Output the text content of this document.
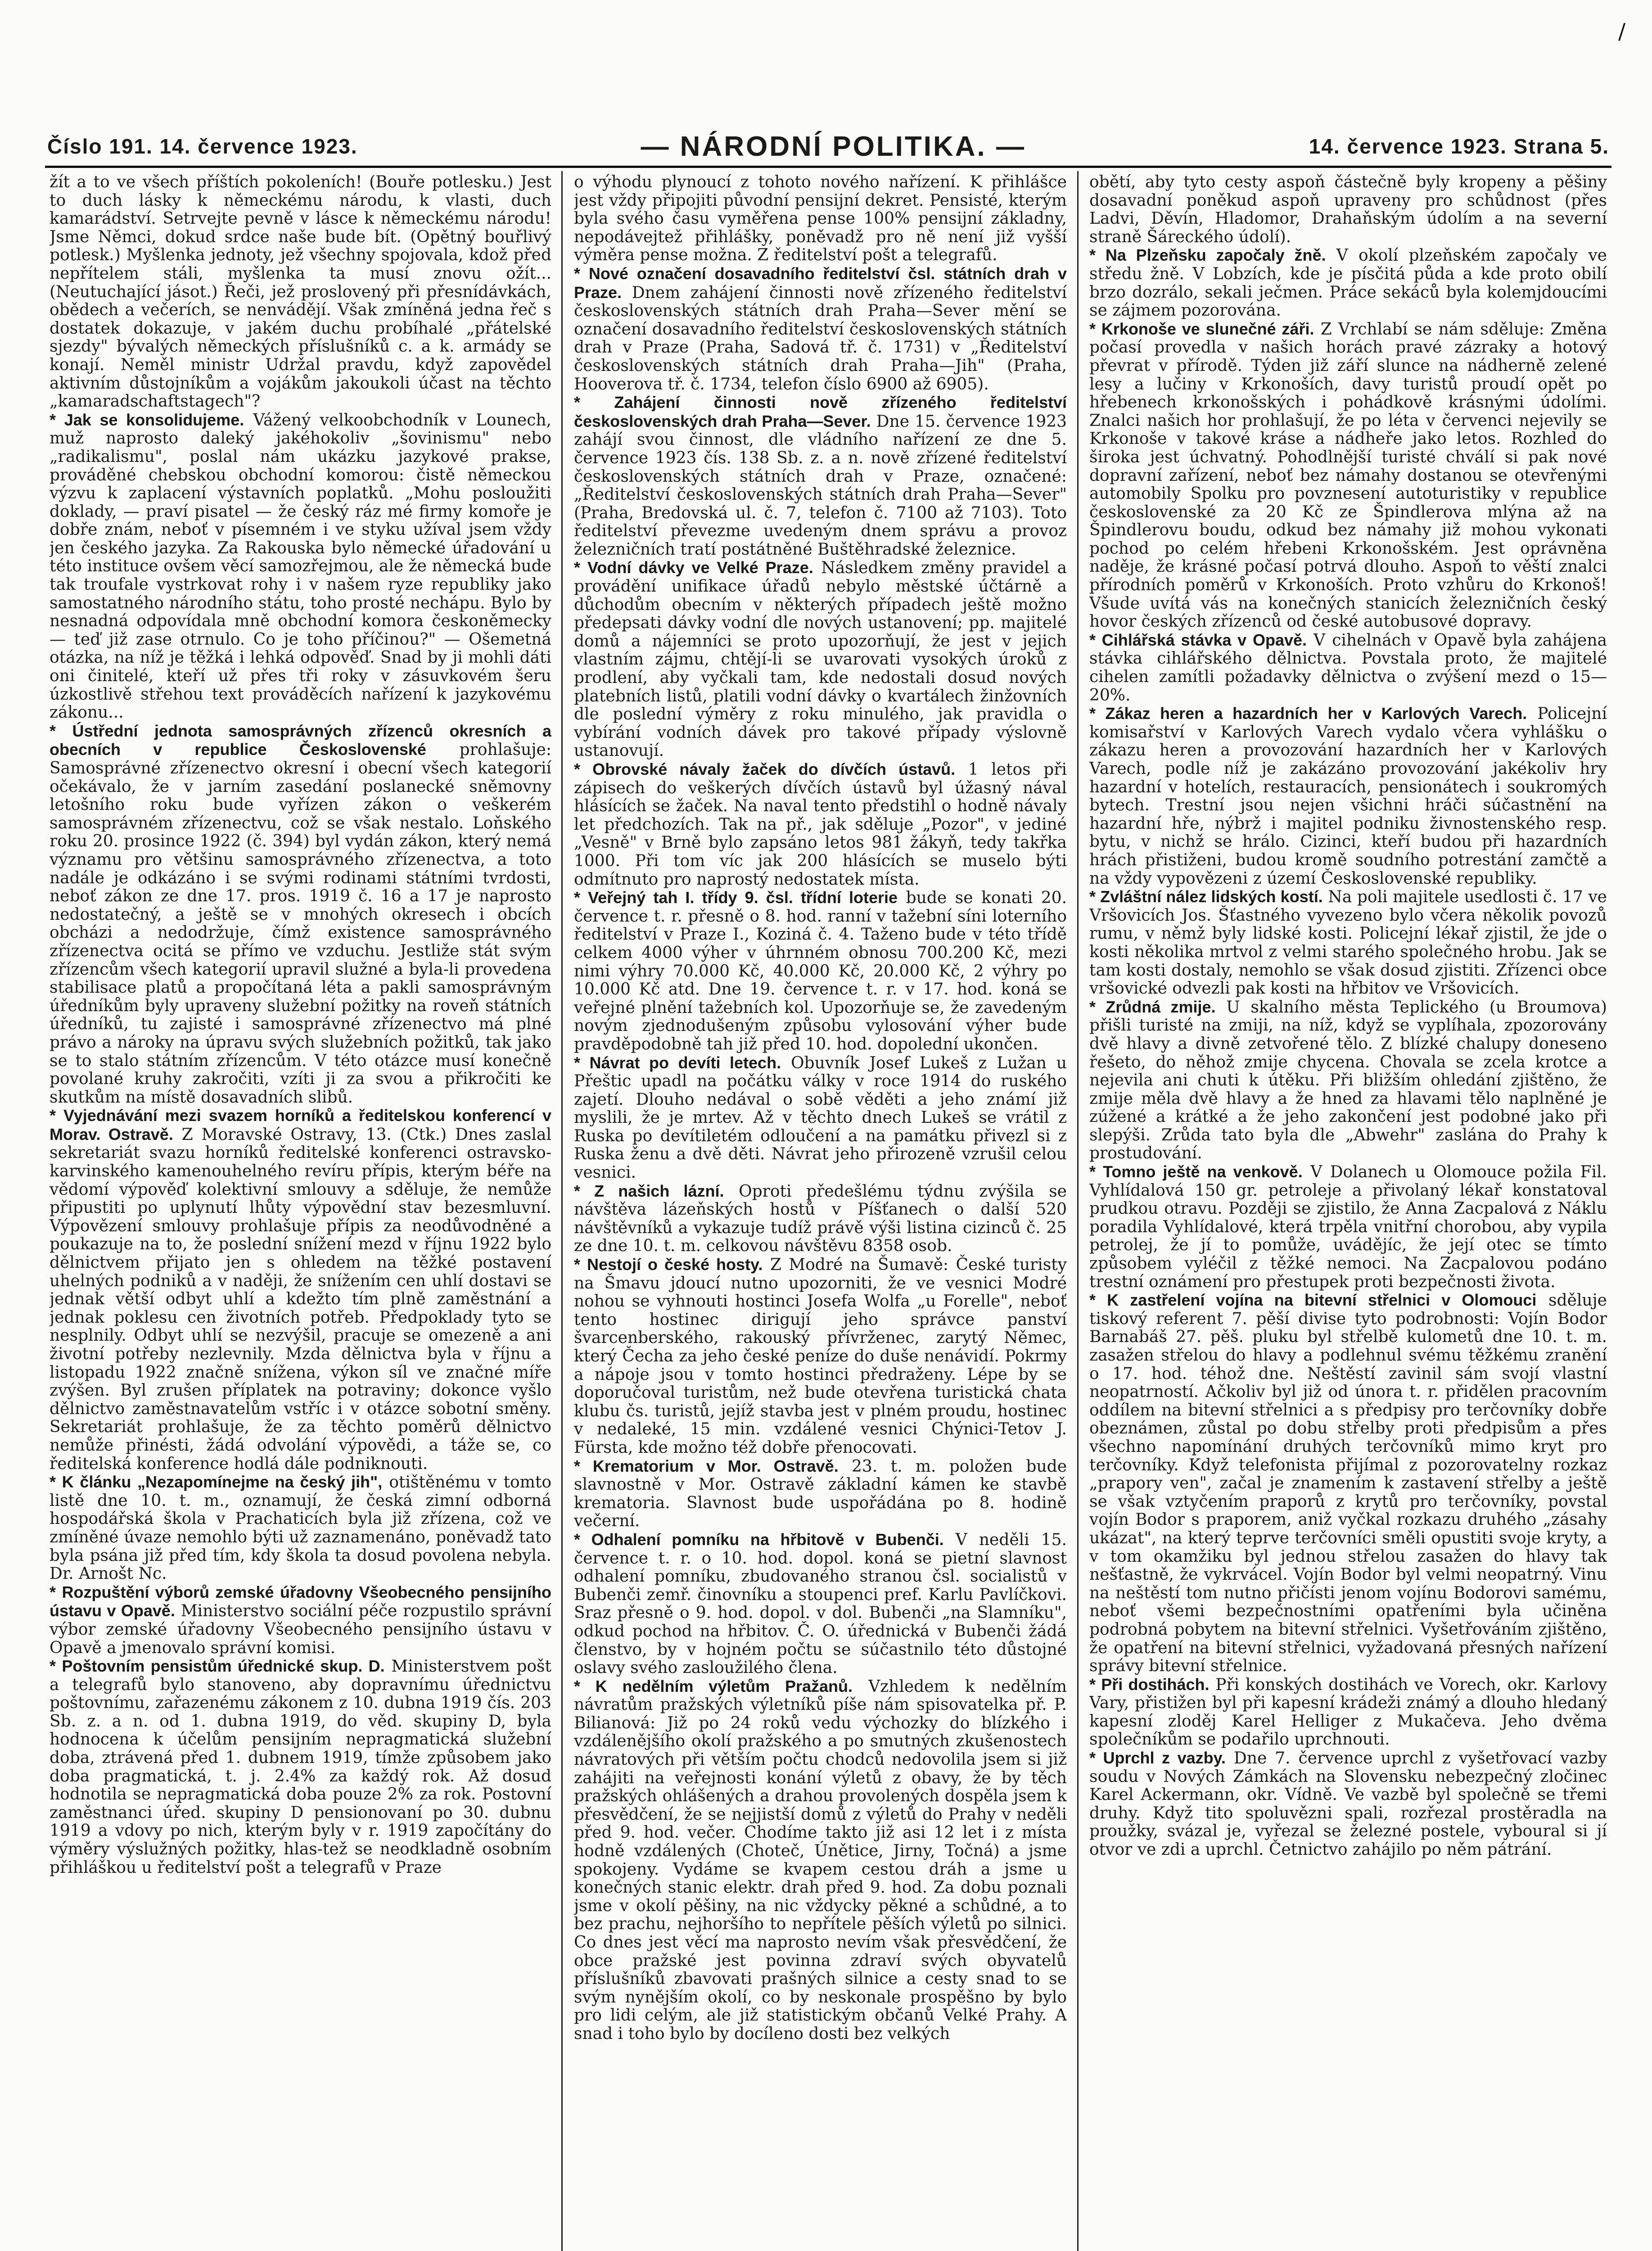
/
Číslo 191. 14. července 1923.	— NÁRODNÍ POLITIKA. —	14. července 1923. Strana 5.

žít a to ve všech příštích pokoleních! (Bouře potlesku.) Jest to duch lásky k německému národu, k vlasti, duch kamarádství. Setrvejte pevně v lásce k německému národu! Jsme Němci, dokud srdce naše bude bít. (Opětný bouřlivý potlesk.) Myšlenka jednoty, jež všechny spojovala, kdož před nepřítelem stáli, myšlenka ta musí znovu ožít... (Neutuchající jásot.) Řeči, jež proslovený při přesnídávkách, obědech a večerích, se nenvádějí. Však zmíněná jedna řeč s dostatek dokazuje, v jakém duchu probíhalé „přátelské sjezdy" bývalých německých příslušníků c. a k. armády se konají. Neměl ministr Udržal pravdu, když zapovědel aktivním důstojníkům a vojákům jakoukoli účast na těchto „kamaradschaftstagech"?

* Jak se konsolidujeme. Vážený velkoobchodník v Lounech, muž naprosto daleký jakéhokoliv „šovinismu" nebo „radikalismu", poslal nám ukázku jazykové prakse, prováděné chebskou obchodní komorou: čistě německou výzvu k zaplacení výstavních poplatků. „Mohu posloužiti doklady, — praví pisatel — že český ráz mé firmy komoře je dobře znám, neboť v písemném i ve styku užíval jsem vždy jen českého jazyka. Za Rakouska bylo německé úřadování u této instituce ovšem věcí samozřejmou, ale že německá bude tak troufale vystrkovat rohy i v našem ryze republiky jako samostatného národního státu, toho prosté nechápu. Bylo by nesnadná odpovídala mně obchodní komora českoněmecky — teď již zase otrnulo. Co je toho příčinou?" — Ošemetná otázka, na níž je těžká i lehká odpověď. Snad by ji mohli dáti oni činitelé, kteří už přes tři roky v zásuvkovém šeru úzkostlivě střehou text prováděcích nařízení k jazykovému zákonu...

* Ústřední jednota samosprávných zřízenců okresních a obecních v republice Československé prohlašuje: Samosprávné zřízenectvo okresní i obecní všech kategorií očekávalo, že v jarním zasedání poslanecké sněmovny letošního roku bude vyřízen zákon o veškerém samosprávném zřízenectvu, což se však nestalo. Loňského roku 20. prosince 1922 (č. 394) byl vydán zákon, který nemá významu pro většinu samosprávného zřízenectva, a toto nadále je odkázáno i se svými rodinami státními tvrdosti, neboť zákon ze dne 17. pros. 1919 č. 16 a 17 je naprosto nedostatečný, a ještě se v mnohých okresech i obcích obcházi a nedodržuje, čímž existence samosprávného zřízenectva ocitá se přímo ve vzduchu. Jestliže stát svým zřízencům všech kategorií upravil služné a byla-li provedena stabilisace platů a propočítaná léta a pakli samosprávným úředníkům byly upraveny služební požitky na roveň státních úředníků, tu zajisté i samosprávné zřízenectvo má plné právo a nároky na úpravu svých služebních požitků, tak jako se to stalo státním zřízencům. V této otázce musí konečně povolané kruhy zakročiti, vzíti ji za svou a přikročiti ke skutkům na místě dosavadních slibů.

* Vyjednávání mezi svazem horníků a ředitelskou konferencí v Morav. Ostravě. Z Moravské Ostravy, 13. (Ctk.) Dnes zaslal sekretariát svazu horníků ředitelské konferenci ostravsko-karvinského kamenouhelného revíru přípis, kterým béře na vědomí výpověď kolektivní smlouvy a sděluje, že nemůže připustiti po uplynutí lhůty výpovědní stav bezesmluvní. Výpovězení smlouvy prohlašuje přípis za neodůvodněné a poukazuje na to, že poslední snížení mezd v říjnu 1922 bylo dělnictvem přijato jen s ohledem na těžké postavení uhelných podniků a v naději, že snížením cen uhlí dostavi se jednak větší odbyt uhlí a kdežto tím plně zaměstnání a jednak poklesu cen životních potřeb. Předpoklady tyto se nesplnily. Odbyt uhlí se nezvýšil, pracuje se omezeně a ani životní potřeby nezlevnily. Mzda dělnictva byla v říjnu a listopadu 1922 značně snížena, výkon síl ve značné míře zvýšen. Byl zrušen příplatek na potraviny; dokonce vyšlo dělnictvo zaměstnavatelům vstříc i v otázce sobotní směny. Sekretariát prohlašuje, že za těchto poměrů dělnictvo nemůže přinésti, žádá odvolání výpovědi, a táže se, co ředitelská konference hodlá dále podniknouti.

* K článku „Nezapomínejme na český jih", otištěnému v tomto listě dne 10. t. m., oznamují, že česká zimní odborná hospodářská škola v Prachaticích byla již zřízena, což ve zmíněné úvaze nemohlo býti už zaznamenáno, poněvadž tato byla psána již před tím, kdy škola ta dosud povolena nebyla. Dr. Arnošt Nc.

* Rozpuštění výborů zemské úřadovny Všeobecného pensijního ústavu v Opavě. Ministerstvo sociální péče rozpustilo správní výbor zemské úřadovny Všeobecného pensijního ústavu v Opavě a jmenovalo správní komisi.

* Poštovním pensistům úřednické skup. D. Ministerstvem pošt a telegrafů bylo stanoveno, aby dopravnímu úřednictvu poštovnímu, zařazenému zákonem z 10. dubna 1919 čís. 203 Sb. z. a n. od 1. dubna 1919, do věd. skupiny D, byla hodnocena k účelům pensijním nepragmatická služební doba, ztrávená před 1. dubnem 1919, tímže způsobem jako doba pragmatická, t. j. 2.4% za každý rok. Až dosud hodnotila se nepragmatická doba pouze 2% za rok. Postovní zaměstnanci úřed. skupiny D pensionovaní po 30. dubnu 1919 a vdovy po nich, kterým byly v r. 1919 započítány do výměry výslužných požitky, hlas-tež se neodkladně osobním přihláškou u ředitelství pošt a telegrafů v Praze

o výhodu plynoucí z tohoto nového nařízení. K přihlášce jest vždy připojiti původní pensijní dekret. Pensisté, kterým byla svého času vyměřena pense 100% pensijní základny, nepodávejtež přihlášky, poněvadž pro ně není již vyšší výměra pense možna. Z ředitelství pošt a telegrafů.

* Nové označení dosavadního ředitelství čsl. státních drah v Praze. Dnem zahájení činnosti nově zřízeného ředitelství československých státních drah Praha—Sever mění se označení dosavadního ředitelství československých státních drah v Praze (Praha, Sadová tř. č. 1731) v „Ředitelství československých státních drah Praha—Jih" (Praha, Hooverova tř. č. 1734, telefon číslo 6900 až 6905).

* Zahájení činnosti nově zřízeného ředitelství československých drah Praha—Sever. Dne 15. července 1923 zahájí svou činnost, dle vládního nařízení ze dne 5. července 1923 čís. 138 Sb. z. a n. nově zřízené ředitelství československých státních drah v Praze, označené: „Ředitelství československých státních drah Praha—Sever" (Praha, Bredovská ul. č. 7, telefon č. 7100 až 7103). Toto ředitelství převezme uvedeným dnem správu a provoz železničních tratí postátněné Buštěhradské železnice.

* Vodní dávky ve Velké Praze. Následkem změny pravidel a provádění unifikace úřadů nebylo městské účtárně a důchodům obecním v některých případech ještě možno předepsati dávky vodní dle nových ustanovení; pp. majitelé domů a nájemníci se proto upozorňují, že jest v jejich vlastním zájmu, chtějí-li se uvarovati vysokých úroků z prodlení, aby vyčkali tam, kde nedostali dosud nových platebních listů, platili vodní dávky o kvartálech žinžovních dle poslední výměry z roku minulého, jak pravidla o vybírání vodních dávek pro takové případy výslovně ustanovují.

* Obrovské návaly žaček do dívčích ústavů. 1 letos při zápisech do veškerých dívčích ústavů byl úžasný nával hlásících se žaček. Na naval tento předstihl o hodně návaly let předchozích. Tak na př., jak sděluje „Pozor", v jediné „Vesně" v Brně bylo zapsáno letos 981 žákyň, tedy takřka 1000. Při tom víc jak 200 hlásících se muselo býti odmítnuto pro naprostý nedostatek místa.

* Veřejný tah I. třídy 9. čsl. třídní loterie bude se konati 20. července t. r. přesně o 8. hod. ranní v tažební síni loterního ředitelství v Praze I., Koziná č. 4. Taženo bude v této třídě celkem 4000 výher v úhrnném obnosu 700.200 Kč, mezi nimi výhry 70.000 Kč, 40.000 Kč, 20.000 Kč, 2 výhry po 10.000 Kč atd. Dne 19. července t. r. v 17. hod. koná se veřejné plnění tažebních kol. Upozorňuje se, že zavedeným novým zjednodušeným způsobu vylosování výher bude pravděpodobně tah již před 10. hod. dopolední ukončen.

* Návrat po devíti letech. Obuvník Josef Lukeš z Lužan u Přeštic upadl na počátku války v roce 1914 do ruského zajetí. Dlouho nedával o sobě věděti a jeho známí již myslili, že je mrtev. Až v těchto dnech Lukeš se vrátil z Ruska po devítiletém odloučení a na památku přivezl si z Ruska ženu a dvě děti. Návrat jeho přirozeně vzrušil celou vesnici.

* Z našich lázní. Oproti předešlému týdnu zvýšila se návštěva lázeňských hostů v Píšťanech o další 520 návštěvníků a vykazuje tudíž právě výši listina cizinců č. 25 ze dne 10. t. m. celkovou návštěvu 8358 osob.

* Nestojí o české hosty. Z Modré na Šumavě: České turisty na Šmavu jdoucí nutno upozorniti, že ve vesnici Modré nohou se vyhnouti hostinci Josefa Wolfa „u Forelle", neboť tento hostinec dirigují jeho správce panství švarcenberského, rakouský přívrženec, zarytý Němec, který Čecha za jeho české peníze do duše nenávidí. Pokrmy a nápoje jsou v tomto hostinci předraženy. Lépe by se doporučoval turistům, než bude otevřena turistická chata klubu čs. turistů, jejíž stavba jest v plném proudu, hostinec v nedaleké, 15 min. vzdálené vesnici Chýnici-Tetov J. Fürsta, kde možno též dobře přenocovati.

* Krematorium v Mor. Ostravě. 23. t. m. položen bude slavnostně v Mor. Ostravě základní kámen ke stavbě krematoria. Slavnost bude uspořádána po 8. hodině večerní.

* Odhalení pomníku na hřbitově v Bubenči. V neděli 15. července t. r. o 10. hod. dopol. koná se pietní slavnost odhalení pomníku, zbudovaného stranou čsl. socialistů v Bubenči zemř. činovníku a stoupenci pref. Karlu Pavlíčkovi. Sraz přesně o 9. hod. dopol. v dol. Bubenči „na Slamníku", odkud pochod na hřbitov. Č. O. úřednická v Bubenči žádá členstvo, by v hojném počtu se súčastnilo této důstojné oslavy svého zasloužilého člena.

* K nedělním výletům Pražanů. Vzhledem k nedělním návratům pražských výletníků píše nám spisovatelka př. P. Bilianová: Již po 24 roků vedu výchozky do blízkého i vzdálenějšího okolí pražského a po smutných zkušenostech návratových při větším počtu chodců nedovolila jsem si již zahájiti na veřejnosti konání výletů z obavy, že by těch pražských ohlášených a drahou provolených dospěla jsem k přesvědčení, že se nejjistší domů z výletů do Prahy v neděli před 9. hod. večer. Chodíme takto již asi 12 let i z místa hodně vzdálených (Choteč, Únětice, Jirny, Točná) a jsme spokojeny. Vydáme se kvapem cestou dráh a jsme u konečných stanic elektr. drah před 9. hod. Za dobu poznali jsme v okolí pěšiny, na nic vždycky pěkné a schůdné, a to bez prachu, nejhoršího to nepřítele pěších výletů po silnici. Co dnes jest věcí ma naprosto nevím však přesvědčení, že obce pražské jest povinna zdraví svých obyvatelů příslušníků zbavovati prašných silnice a cesty snad to se svým nynějším okolí, co by neskonale prospěšno by bylo pro lidi celým, ale již statistickým občanů Velké Prahy. A snad i toho bylo by docíleno dosti bez velkých

obětí, aby tyto cesty aspoň částečně byly kropeny a pěšiny dosavadní poněkud aspoň upraveny pro schůdnost (přes Ladvi, Děvín, Hladomor, Drahaňským údolím a na severní straně Šáreckého údolí).

* Na Plzeňsku započaly žně. V okolí plzeňském započaly ve středu žně. V Lobzích, kde je písčitá půda a kde proto obilí brzo dozrálo, sekali ječmen. Práce sekáců byla kolemjdoucími se zájmem pozorována.

* Krkonoše ve slunečné záři. Z Vrchlabí se nám sděluje: Změna počasí provedla v našich horách pravé zázraky a hotový převrat v přírodě. Týden již září slunce na nádherně zelené lesy a lučiny v Krkonoších, davy turistů proudí opět po hřebenech krkonošských i pohádkově krásnými údolími. Znalci našich hor prohlašují, že po léta v červenci nejevily se Krkonoše v takové kráse a nádheře jako letos. Rozhled do široka jest úchvatný. Pohodlnější turisté chválí si pak nové dopravní zařízení, neboť bez námahy dostanou se otevřenými automobily Spolku pro povznesení autoturistiky v republice československé za 20 Kč ze Špindlerova mlýna až na Špindlerovu boudu, odkud bez námahy již mohou vykonati pochod po celém hřebeni Krkonošském. Jest oprávněna naděje, že krásné počasí potrvá dlouho. Aspoň to věští znalci přírodních poměrů v Krkonoších. Proto vzhůru do Krkonoš! Všude uvítá vás na konečných stanicích železničních český hovor českých zřízenců od české autobusové dopravy.

* Cihlářská stávka v Opavě. V cihelnách v Opavě byla zahájena stávka cihlářského dělnictva. Povstala proto, že majitelé cihelen zamítli požadavky dělnictva o zvýšení mezd o 15—20%.

* Zákaz heren a hazardních her v Karlových Varech. Policejní komisařství v Karlových Varech vydalo včera vyhlášku o zákazu heren a provozování hazardních her v Karlových Varech, podle níž je zakázáno provozování jakékoliv hry hazardní v hotelích, restauracích, pensionátech i soukromých bytech. Trestní jsou nejen všichni hráči súčastnění na hazardní hře, nýbrž i majitel podniku živnostenského resp. bytu, v nichž se hrálo. Cizinci, kteří budou při hazardních hrách přistiženi, budou kromě soudního potrestání zamčtě a na vždy vypovězeni z území Československé republiky.

* Zvláštní nález lidských kostí. Na poli majitele usedlosti č. 17 ve Vršovicích Jos. Šťastného vyvezeno bylo včera několik povozů rumu, v němž byly lidské kosti. Policejní lékař zjistil, že jde o kosti několika mrtvol z velmi starého společného hrobu. Jak se tam kosti dostaly, nemohlo se však dosud zjistiti. Zřízenci obce vršovické odvezli pak kosti na hřbitov ve Vršovicích.

* Zrůdná zmije. U skalního města Teplického (u Broumova) přišli turisté na zmiji, na níž, když se vyplíhala, zpozorovány dvě hlavy a divně zetvořené tělo. Z blízké chalupy doneseno řešeto, do něhož zmije chycena. Chovala se zcela krotce a nejevila ani chuti k útěku. Při bližším ohledání zjištěno, že zmije měla dvě hlavy a že hned za hlavami tělo naplněné je zúžené a krátké a že jeho zakončení jest podobné jako při slepýši. Zrůda tato byla dle „Abwehr" zaslána do Prahy k prostudování.

* Tomno ještě na venkově. V Dolanech u Olomouce požila Fil. Vyhlídalová 150 gr. petroleje a přivolaný lékař konstatoval prudkou otravu. Později se zjistilo, že Anna Zacpalová z Náklu poradila Vyhlídalové, která trpěla vnitřní chorobou, aby vypila petrolej, že jí to pomůže, uvádějíc, že její otec se tímto způsobem vyléčil z těžké nemoci. Na Zacpalovou podáno trestní oznámení pro přestupek proti bezpečnosti života.

* K zastřelení vojína na bitevní střelnici v Olomouci sděluje tiskový referent 7. pěší divise tyto podrobnosti: Vojín Bodor Barnabáš 27. pěš. pluku byl střelbě kulometů dne 10. t. m. zasažen střelou do hlavy a podlehnul svému těžkému zranění o 17. hod. téhož dne. Neštěstí zavinil sám svojí vlastní neopatrností. Ačkoliv byl již od února t. r. přidělen pracovním oddílem na bitevní střelnici a s předpisy pro terčovníky dobře obeznámen, zůstal po dobu střelby proti předpisům a přes všechno napomínání druhých terčovníků mimo kryt pro terčovníky. Když telefonista přijímal z pozorovatelny rozkaz „prapory ven", začal je znamením k zastavení střelby a ještě se však vztyčením praporů z krytů pro terčovníky, povstal vojín Bodor s praporem, aniž vyčkal rozkazu druhého „zásahy ukázat", na který teprve terčovníci směli opustiti svoje kryty, a v tom okamžiku byl jednou střelou zasažen do hlavy tak nešťastně, že vykrvácel. Vojín Bodor byl velmi neopatrný. Vinu na neštěstí tom nutno přičísti jenom vojínu Bodorovi samému, neboť všemi bezpečnostními opatřeními byla učiněna podrobná pobytem na bitevní střelnici. Vyšetřováním zjištěno, že opatření na bitevní střelnici, vyžadovaná přesných nařízení správy bitevní střelnice.

* Při dostihách. Při konských dostihách ve Vorech, okr. Karlovy Vary, přistižen byl při kapesní krádeži známý a dlouho hledaný kapesní zloděj Karel Helliger z Mukačeva. Jeho dvěma společníkům se podařilo uprchnouti.

* Uprchl z vazby. Dne 7. července uprchl z vyšetřovací vazby soudu v Nových Zámkách na Slovensku nebezpečný zločinec Karel Ackermann, okr. Vídně. Ve vazbě byl společně se třemi druhy. Když tito spoluvězni spali, rozřezal prostěradla na proužky, svázal je, vyřezal se železné postele, vyboural si jí otvor ve zdi a uprchl. Četnictvo zahájilo po něm pátrání.
